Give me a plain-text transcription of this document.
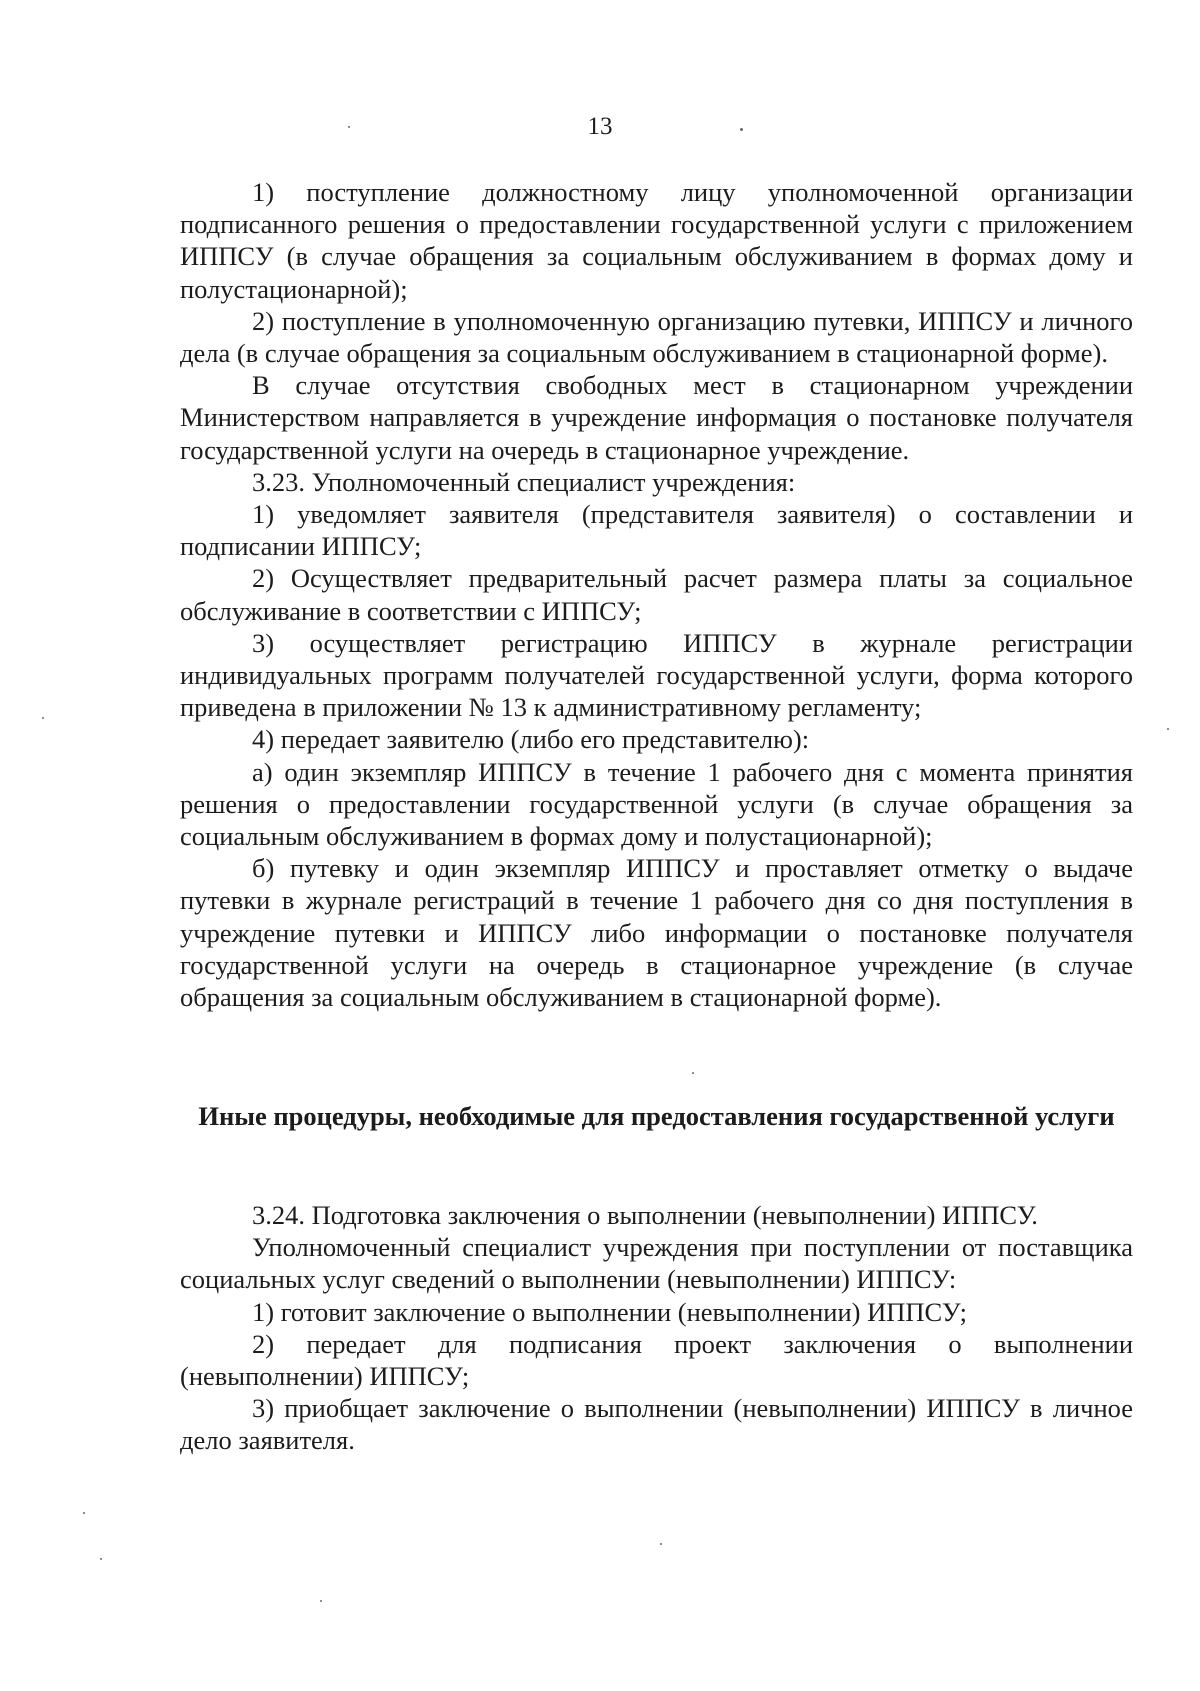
13

1) поступление должностному лицу уполномоченной организации подписанного решения о предоставлении государственной услуги с приложением ИППСУ (в случае обращения за социальным обслуживанием в формах дому и полустационарной);

2) поступление в уполномоченную организацию путевки, ИППСУ и личного дела (в случае обращения за социальным обслуживанием в стационарной форме).

В случае отсутствия свободных мест в стационарном учреждении Министерством направляется в учреждение информация о постановке получателя государственной услуги на очередь в стационарное учреждение.

3.23. Уполномоченный специалист учреждения:

1) уведомляет заявителя (представителя заявителя) о составлении и подписании ИППСУ;

2) Осуществляет предварительный расчет размера платы за социальное обслуживание в соответствии с ИППСУ;

3) осуществляет регистрацию ИППСУ в журнале регистрации индивидуальных программ получателей государственной услуги, форма которого приведена в приложении № 13 к административному регламенту;

4) передает заявителю (либо его представителю):

а) один экземпляр ИППСУ в течение 1 рабочего дня с момента принятия решения о предоставлении государственной услуги (в случае обращения за социальным обслуживанием в формах дому и полустационарной);

б) путевку и один экземпляр ИППСУ и проставляет отметку о выдаче путевки в журнале регистраций в течение 1 рабочего дня со дня поступления в учреждение путевки и ИППСУ либо информации о постановке получателя государственной услуги на очередь в стационарное учреждение (в случае обращения за социальным обслуживанием в стационарной форме).

Иные процедуры, необходимые для предоставления государственной услуги

3.24. Подготовка заключения о выполнении (невыполнении) ИППСУ.

Уполномоченный специалист учреждения при поступлении от поставщика социальных услуг сведений о выполнении (невыполнении) ИППСУ:

1) готовит заключение о выполнении (невыполнении) ИППСУ;

2) передает для подписания проект заключения о выполнении (невыполнении) ИППСУ;

3) приобщает заключение о выполнении (невыполнении) ИППСУ в личное дело заявителя.
